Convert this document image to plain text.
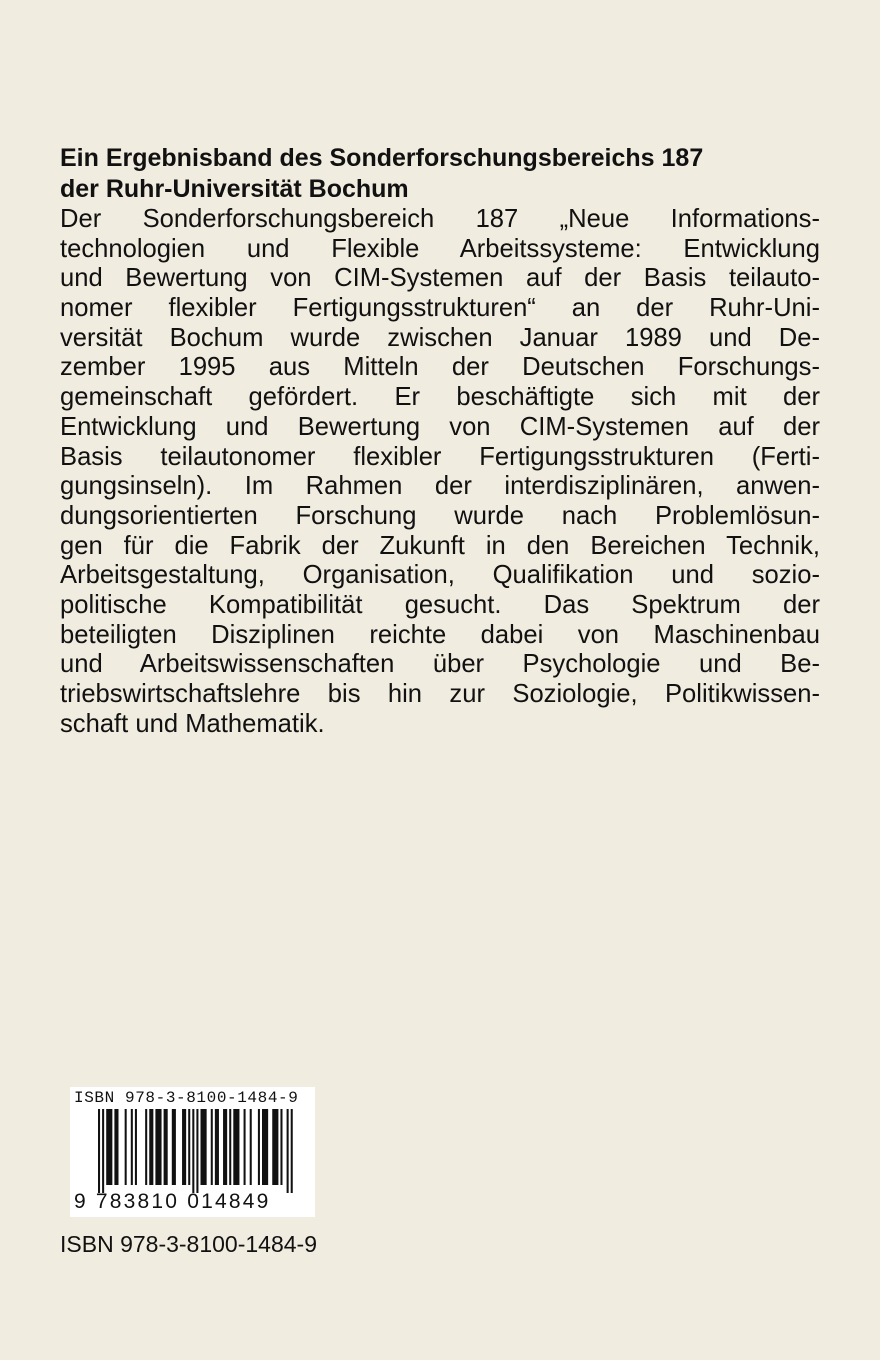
Ein Ergebnisband des Sonderforschungsbereichs 187

der Ruhr-Universität Bochum

Der Sonderforschungsbereich 187 „Neue Informations-
technologien und Flexible Arbeitssysteme: Entwicklung
und Bewertung von CIM-Systemen auf der Basis teilauto-
nomer flexibler Fertigungsstrukturen“ an der Ruhr-Uni-
versität Bochum wurde zwischen Januar 1989 und De-
zember 1995 aus Mitteln der Deutschen Forschungs-
gemeinschaft gefördert. Er beschäftigte sich mit der
Entwicklung und Bewertung von CIM-Systemen auf der
Basis teilautonomer flexibler Fertigungsstrukturen (Ferti-
gungsinseln). Im Rahmen der interdisziplinären, anwen-
dungsorientierten Forschung wurde nach Problemlösun-
gen für die Fabrik der Zukunft in den Bereichen Technik,
Arbeitsgestaltung, Organisation, Qualifikation und sozio-
politische Kompatibilität gesucht. Das Spektrum der
beteiligten Disziplinen reichte dabei von Maschinenbau
und Arbeitswissenschaften über Psychologie und Be-
triebswirtschaftslehre bis hin zur Soziologie, Politikwissen-
schaft und Mathematik.
ISBN 978-3-8100-1484-9
9 783810 014849
ISBN 978-3-8100-1484-9
